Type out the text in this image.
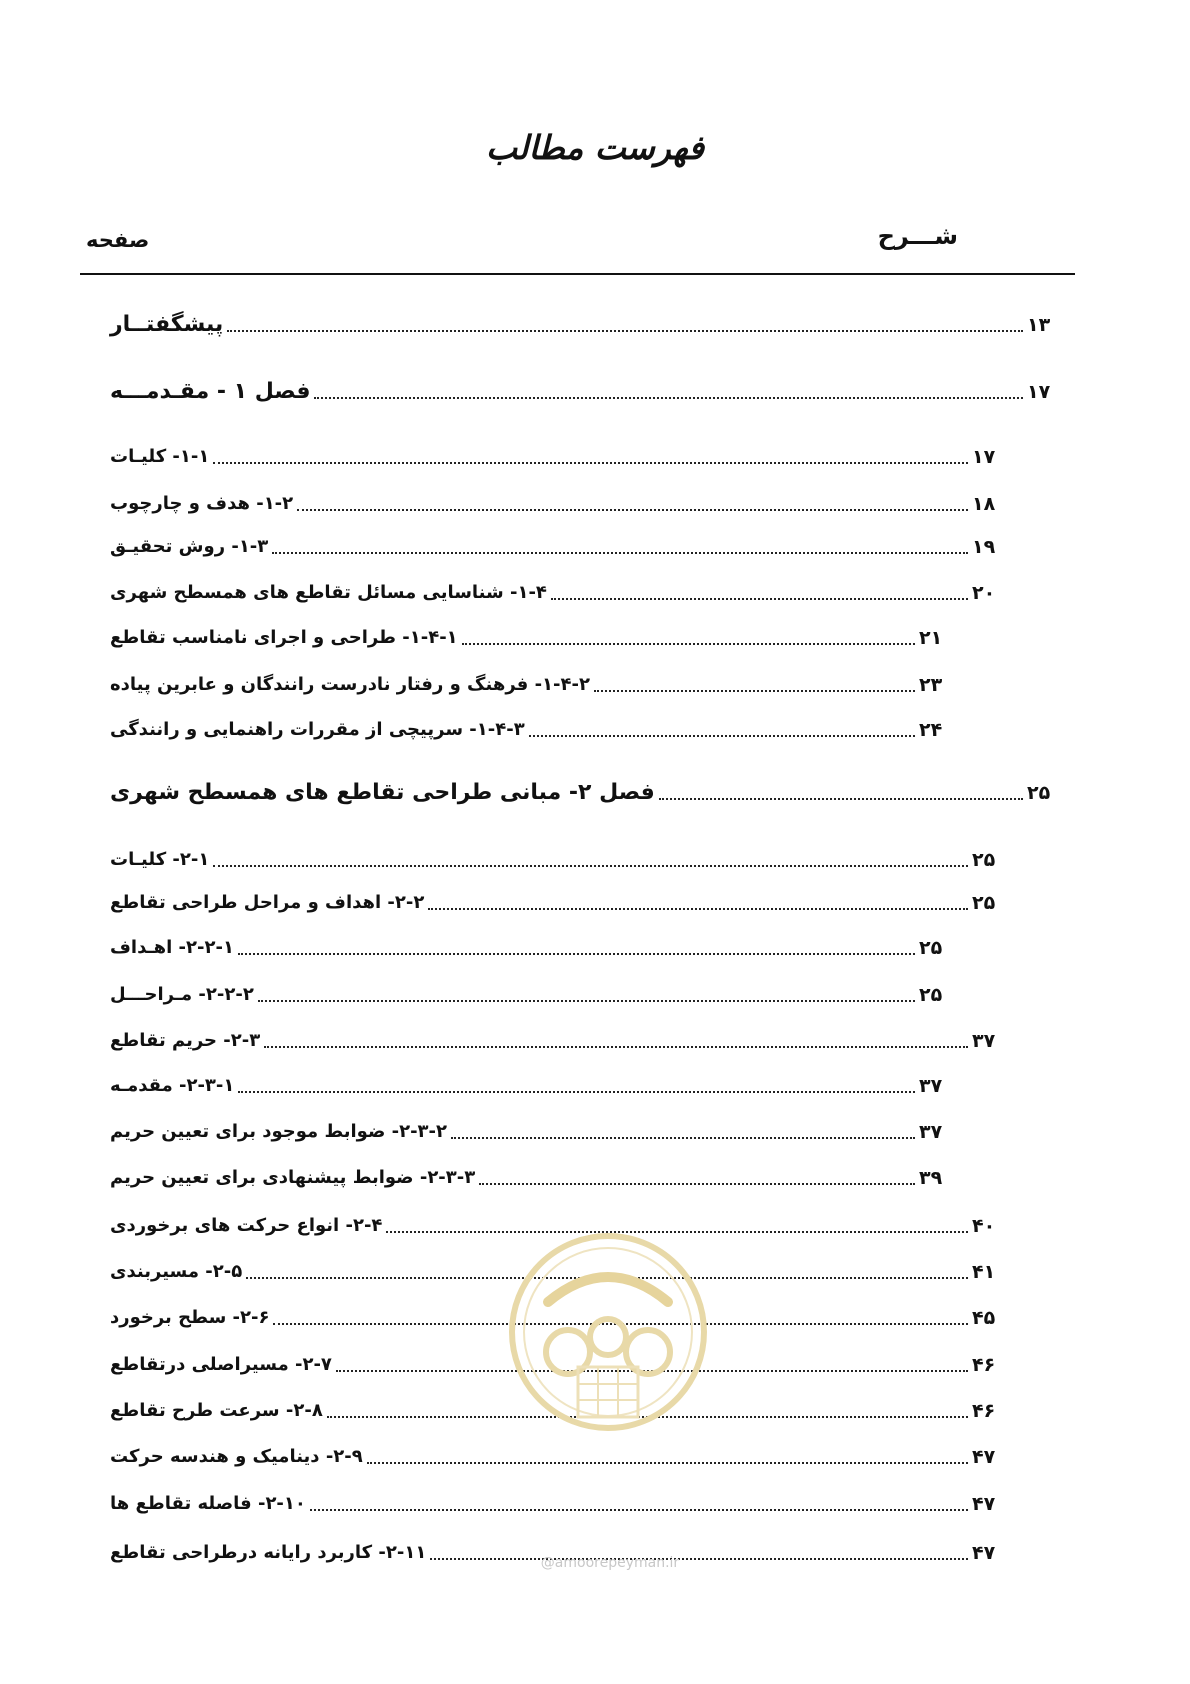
فهرست مطالب
شـــرح
صفحه
پیشگفتــار	۱۳
فصل ۱ - مقـدمـــه	۱۷
۱-۱- کلیـات	۱۷
۱-۲- هدف و چارچوب	۱۸
۱-۳- روش تحقیـق	۱۹
۱-۴- شناسایی مسائل تقاطع های همسطح شهری	۲۰
۱-۴-۱- طراحی و اجرای نامناسب تقاطع	۲۱
۱-۴-۲- فرهنگ و رفتار نادرست رانندگان و عابرین پیاده	۲۳
۱-۴-۳- سرپیچی از مقررات راهنمایی و رانندگی	۲۴
فصل ۲- مبانی طراحی تقاطع های همسطح شهری	۲۵
۲-۱- کلیـات	۲۵
۲-۲- اهداف و مراحل طراحی تقاطع	۲۵
۲-۲-۱- اهـداف	۲۵
۲-۲-۲- مـراحـــل	۲۵
۲-۳- حریم تقاطع	۳۷
۲-۳-۱- مقدمـه	۳۷
۲-۳-۲- ضوابط موجود برای تعیین حریم	۳۷
۲-۳-۳- ضوابط پیشنهادی برای تعیین حریم	۳۹
۲-۴- انواع حرکت های برخوردی	۴۰
۲-۵- مسیربندی	۴۱
۲-۶- سطح برخورد	۴۵
۲-۷- مسیراصلی درتقاطع	۴۶
۲-۸- سرعت طرح تقاطع	۴۶
۲-۹- دینامیک و هندسه حرکت	۴۷
۲-۱۰- فاصله تقاطع ها	۴۷
۲-۱۱- کاربرد رایانه درطراحی تقاطع	۴۷
@amoorepeyman.ir
